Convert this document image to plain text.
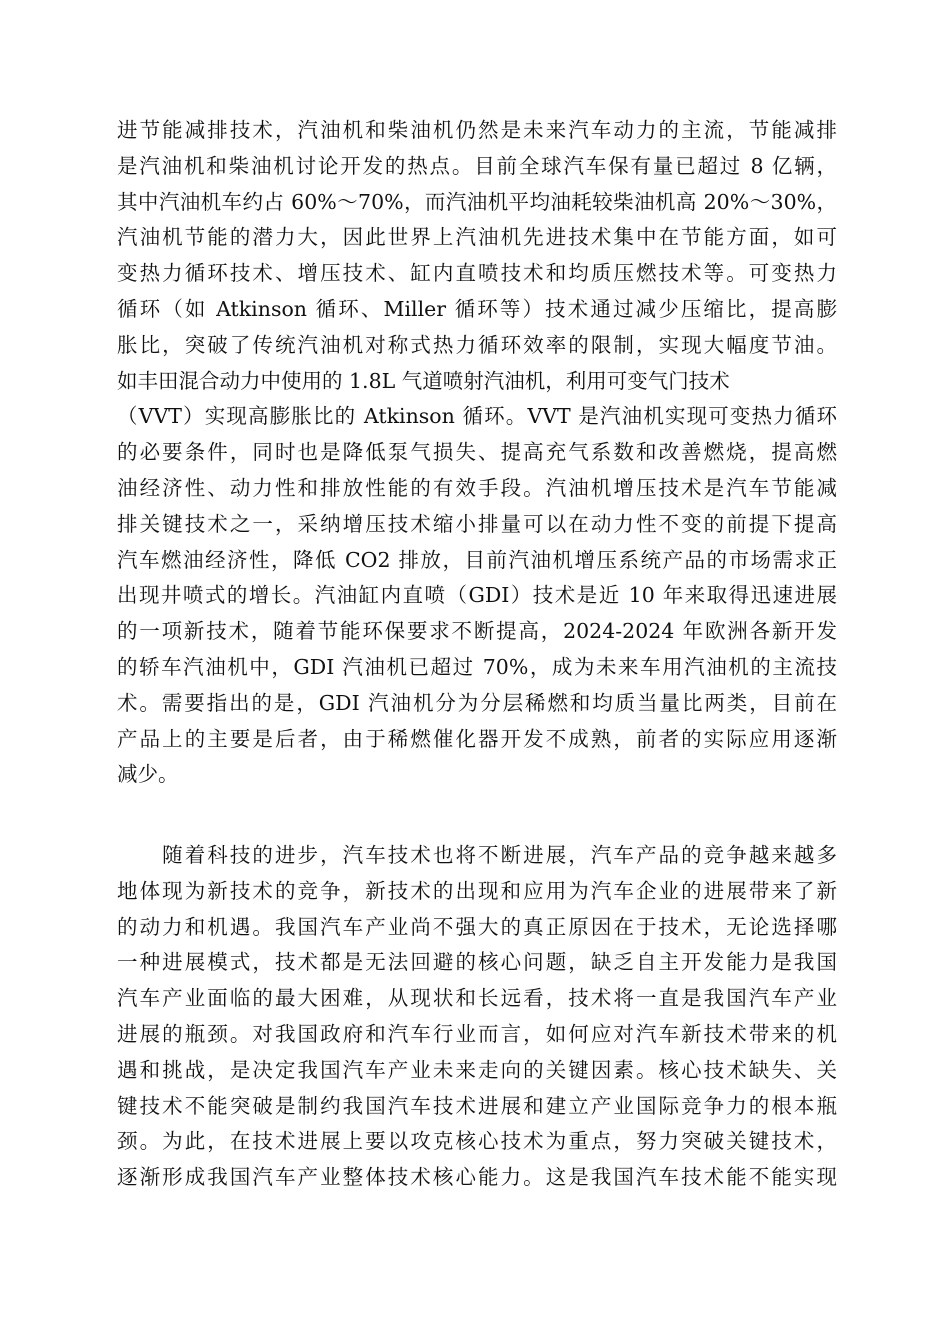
进节能减排技术，汽油机和柴油机仍然是未来汽车动力的主流，节能减排
是汽油机和柴油机讨论开发的热点。目前全球汽车保有量已超过 8 亿辆，
其中汽油机车约占 60%～70%，而汽油机平均油耗较柴油机高 20%～30%，
汽油机节能的潜力大，因此世界上汽油机先进技术集中在节能方面，如可
变热力循环技术、增压技术、缸内直喷技术和均质压燃技术等。可变热力
循环（如 Atkinson 循环、Miller 循环等）技术通过减少压缩比，提高膨
胀比，突破了传统汽油机对称式热力循环效率的限制，实现大幅度节油。
如丰田混合动力中使用的 1.8L 气道喷射汽油机，利用可变气门技术
（VVT）实现高膨胀比的 Atkinson 循环。VVT 是汽油机实现可变热力循环
的必要条件，同时也是降低泵气损失、提高充气系数和改善燃烧，提高燃
油经济性、动力性和排放性能的有效手段。汽油机增压技术是汽车节能减
排关键技术之一，采纳增压技术缩小排量可以在动力性不变的前提下提高
汽车燃油经济性，降低 CO2 排放，目前汽油机增压系统产品的市场需求正
出现井喷式的增长。汽油缸内直喷（GDI）技术是近 10 年来取得迅速进展
的一项新技术，随着节能环保要求不断提高，2024-2024 年欧洲各新开发
的轿车汽油机中，GDI 汽油机已超过 70%，成为未来车用汽油机的主流技
术。需要指出的是，GDI 汽油机分为分层稀燃和均质当量比两类，目前在
产品上的主要是后者，由于稀燃催化器开发不成熟，前者的实际应用逐渐
减少。
　　随着科技的进步，汽车技术也将不断进展，汽车产品的竞争越来越多
地体现为新技术的竞争，新技术的出现和应用为汽车企业的进展带来了新
的动力和机遇。我国汽车产业尚不强大的真正原因在于技术，无论选择哪
一种进展模式，技术都是无法回避的核心问题，缺乏自主开发能力是我国
汽车产业面临的最大困难，从现状和长远看，技术将一直是我国汽车产业
进展的瓶颈。对我国政府和汽车行业而言，如何应对汽车新技术带来的机
遇和挑战，是决定我国汽车产业未来走向的关键因素。核心技术缺失、关
键技术不能突破是制约我国汽车技术进展和建立产业国际竞争力的根本瓶
颈。为此，在技术进展上要以攻克核心技术为重点，努力突破关键技术，
逐渐形成我国汽车产业整体技术核心能力。这是我国汽车技术能不能实现
